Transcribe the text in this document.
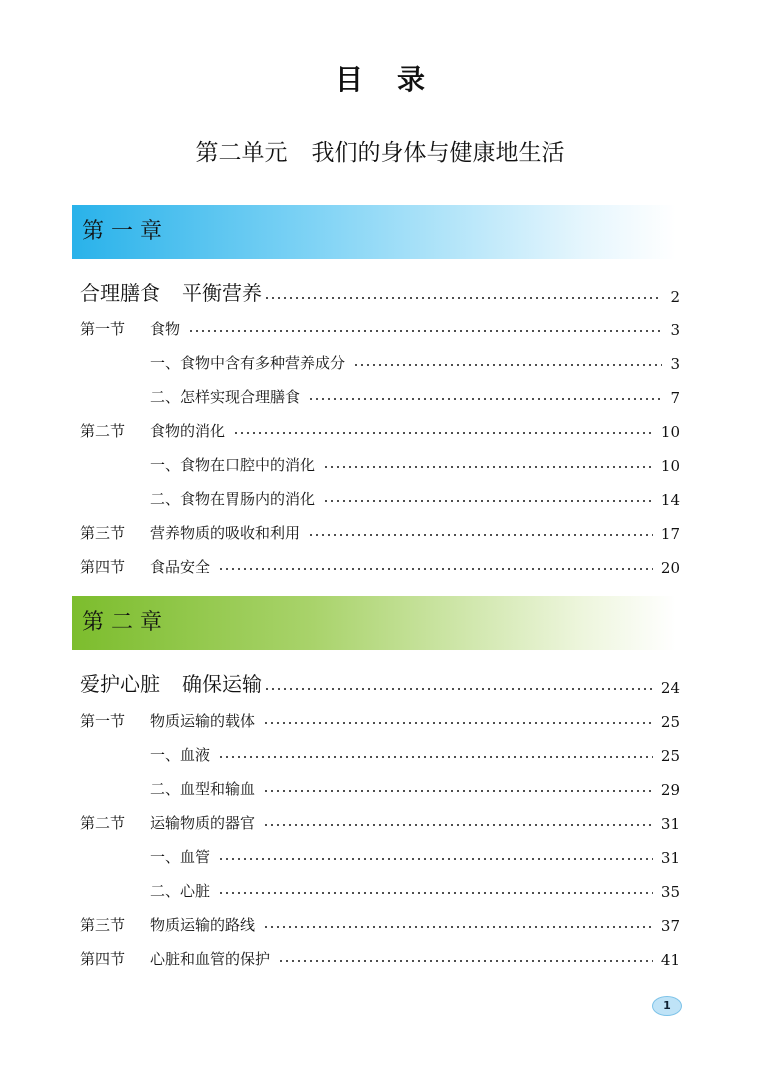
目 录
第二单元 我们的身体与健康地生活
第 一 章
合理膳食 平衡营养	2
第一节 食物	3
一、食物中含有多种营养成分	3
二、怎样实现合理膳食	7
第二节 食物的消化	10
一、食物在口腔中的消化	10
二、食物在胃肠内的消化	14
第三节 营养物质的吸收和利用	17
第四节 食品安全	20
第 二 章
爱护心脏 确保运输	24
第一节 物质运输的载体	25
一、血液	25
二、血型和输血	29
第二节 运输物质的器官	31
一、血管	31
二、心脏	35
第三节 物质运输的路线	37
第四节 心脏和血管的保护	41
1
